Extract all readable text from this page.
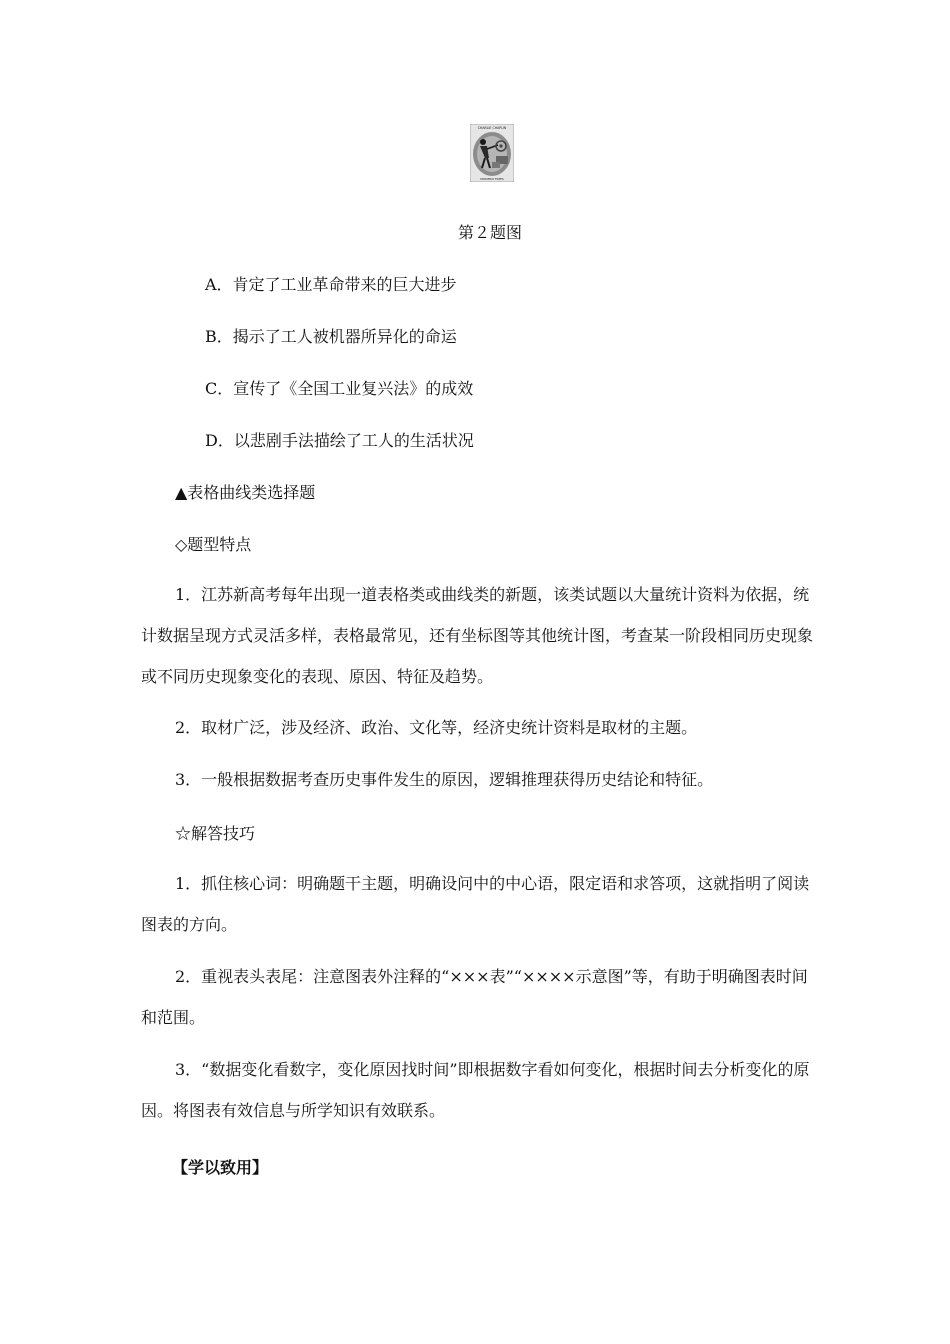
CHARLIE CHAPLIN
MODERN TIMES
第２题图
A．肯定了工业革命带来的巨大进步
B．揭示了工人被机器所异化的命运
C．宣传了《全国工业复兴法》的成效
D．以悲剧手法描绘了工人的生活状况
▲表格曲线类选择题
◇题型特点
1．江苏新高考每年出现一道表格类或曲线类的新题，该类试题以大量统计资料为依据，统计数据呈现方式灵活多样，表格最常见，还有坐标图等其他统计图，考查某一阶段相同历史现象或不同历史现象变化的表现、原因、特征及趋势。
2．取材广泛，涉及经济、政治、文化等，经济史统计资料是取材的主题。
3．一般根据数据考查历史事件发生的原因，逻辑推理获得历史结论和特征。
☆解答技巧
1．抓住核心词：明确题干主题，明确设问中的中心语，限定语和求答项，这就指明了阅读图表的方向。
2．重视表头表尾：注意图表外注释的“×××表”“××××示意图”等，有助于明确图表时间和范围。
3．“数据变化看数字，变化原因找时间”即根据数字看如何变化，根据时间去分析变化的原因。将图表有效信息与所学知识有效联系。
【学以致用】
